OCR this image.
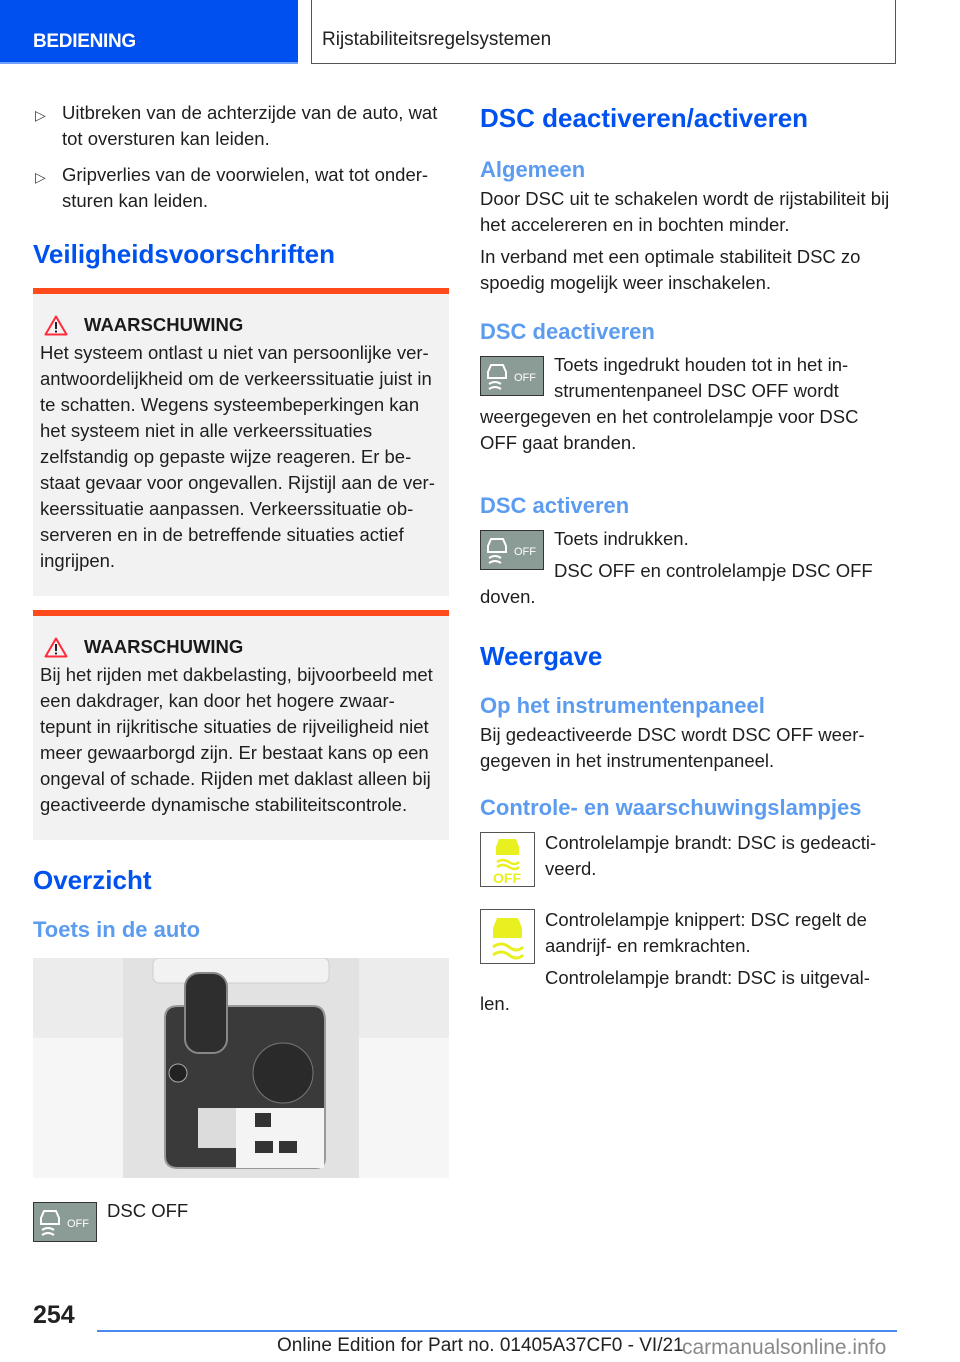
BEDIENING	Rijstabiliteitsregelsystemen
▷ Uitbreken van de achterzijde van de auto, wat tot oversturen kan leiden.
▷ Gripverlies van de voorwielen, wat tot onder-sturen kan leiden.
Veiligheidsvoorschriften
WAARSCHUWING
Het systeem ontlast u niet van persoonlijke ver-antwoordelijkheid om de verkeerssituatie juist in te schatten. Wegens systeembeperkingen kan het systeem niet in alle verkeerssituaties zelfstandig op gepaste wijze reageren. Er be-staat gevaar voor ongevallen. Rijstijl aan de ver-keerssituatie aanpassen. Verkeerssituatie ob-serveren en in de betreffende situaties actief ingrijpen.
WAARSCHUWING
Bij het rijden met dakbelasting, bijvoorbeeld met een dakdrager, kan door het hogere zwaar-tepunt in rijkritische situaties de rijveiligheid niet meer gewaarborgd zijn. Er bestaat kans op een ongeval of schade. Rijden met daklast alleen bij geactiveerde dynamische stabiliteitscontrole.
Overzicht
Toets in de auto
OFF
DSC OFF
DSC deactiveren/activeren
Algemeen
Door DSC uit te schakelen wordt de rijstabiliteit bij het accelereren en in bochten minder.
In verband met een optimale stabiliteit DSC zo spoedig mogelijk weer inschakelen.
DSC deactiveren
OFF
Toets ingedrukt houden tot in het in-strumentenpaneel DSC OFF wordt weergegeven en het controlelampje voor DSC OFF gaat branden.
DSC activeren
OFF
Toets indrukken.
DSC OFF en controlelampje DSC OFF doven.
Weergave
Op het instrumentenpaneel
Bij gedeactiveerde DSC wordt DSC OFF weer-gegeven in het instrumentenpaneel.
Controle- en waarschuwingslampjes
OFF
Controlelampje brandt: DSC is gedeacti-veerd.
Controlelampje knippert: DSC regelt de aandrijf- en remkrachten.
Controlelampje brandt: DSC is uitgeval-len.
254
Online Edition for Part no. 01405A37CF0 - VI/21
carmanualsonline.info
